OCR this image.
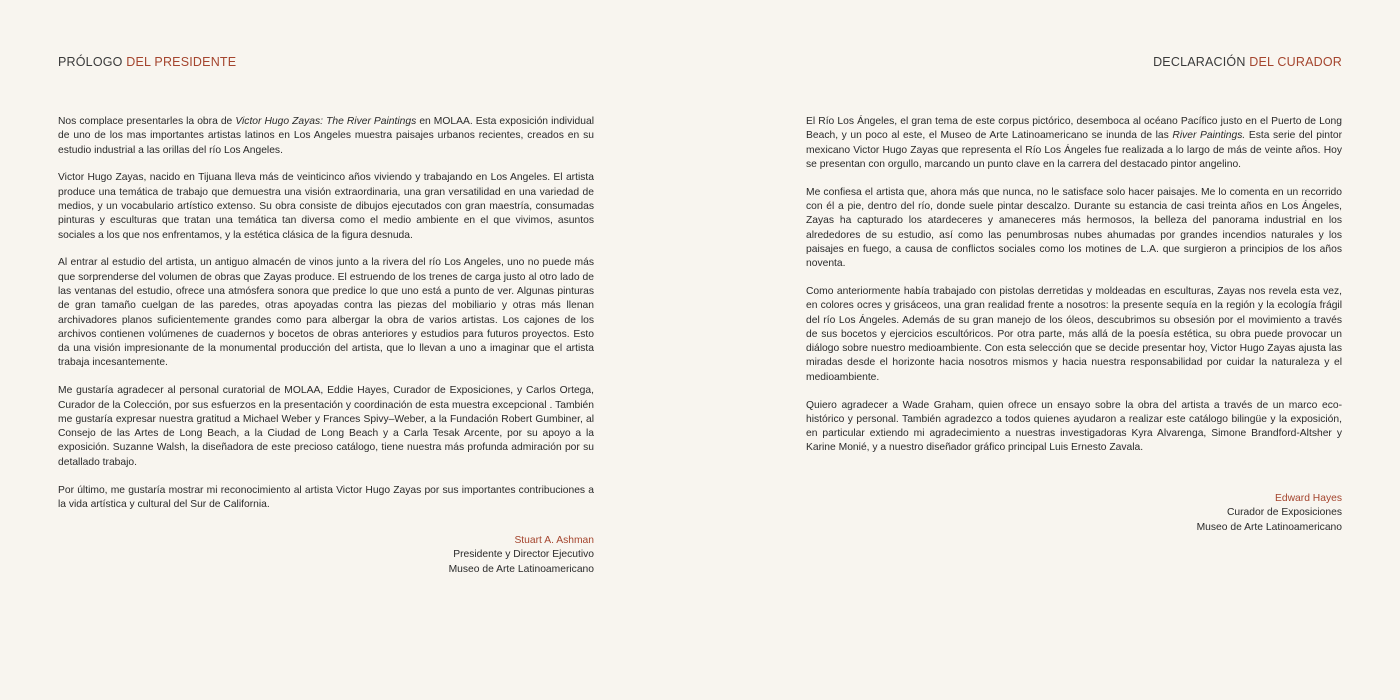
PRÓLOGO DEL PRESIDENTE

Nos complace presentarles la obra de Victor Hugo Zayas: The River Paintings en MOLAA. Esta exposición individual de uno de los mas importantes artistas latinos en Los Angeles muestra paisajes urbanos recientes, creados en su estudio industrial a las orillas del río Los Angeles.

Victor Hugo Zayas, nacido en Tijuana lleva más de veinticinco años viviendo y trabajando en Los Angeles. El artista produce una temática de trabajo que demuestra una visión extraordinaria, una gran versatilidad en una variedad de medios, y un vocabulario artístico extenso. Su obra consiste de dibujos ejecutados con gran maestría, consumadas pinturas y esculturas que tratan una temática tan diversa como el medio ambiente en el que vivimos, asuntos sociales a los que nos enfrentamos, y la estética clásica de la figura desnuda.

Al entrar al estudio del artista, un antiguo almacén de vinos junto a la rivera del río Los Angeles, uno no puede más que sorprenderse del volumen de obras que Zayas produce. El estruendo de los trenes de carga justo al otro lado de las ventanas del estudio, ofrece una atmósfera sonora que predice lo que uno está a punto de ver. Algunas pinturas de gran tamaño cuelgan de las paredes, otras apoyadas contra las piezas del mobiliario y otras más llenan archivadores planos suficientemente grandes como para albergar la obra de varios artistas. Los cajones de los archivos contienen volúmenes de cuadernos y bocetos de obras anteriores y estudios para futuros proyectos. Esto da una visión impresionante de la monumental producción del artista, que lo llevan a uno a imaginar que el artista trabaja incesantemente.

Me gustaría agradecer al personal curatorial de MOLAA, Eddie Hayes, Curador de Exposiciones, y Carlos Ortega, Curador de la Colección, por sus esfuerzos en la presentación y coordinación de esta muestra excepcional . También me gustaría expresar nuestra gratitud a Michael Weber y Frances Spivy–Weber, a la Fundación Robert Gumbiner, al Consejo de las Artes de Long Beach, a la Ciudad de Long Beach y a Carla Tesak Arcente, por su apoyo a la exposición. Suzanne Walsh, la diseñadora de este precioso catálogo, tiene nuestra más profunda admiración por su detallado trabajo.

Por último, me gustaría mostrar mi reconocimiento al artista Victor Hugo Zayas por sus importantes contribuciones a la vida artística y cultural del Sur de California.

Stuart A. Ashman
Presidente y Director Ejecutivo
Museo de Arte Latinoamericano
DECLARACIÓN DEL CURADOR

El Río Los Ángeles, el gran tema de este corpus pictórico, desemboca al océano Pacífico justo en el Puerto de Long Beach, y un poco al este, el Museo de Arte Latinoamericano se inunda de las River Paintings. Esta serie del pintor mexicano Victor Hugo Zayas que representa el Río Los Ángeles fue realizada a lo largo de más de veinte años. Hoy se presentan con orgullo, marcando un punto clave en la carrera del destacado pintor angelino.

Me confiesa el artista que, ahora más que nunca, no le satisface solo hacer paisajes. Me lo comenta en un recorrido con él a pie, dentro del río, donde suele pintar descalzo. Durante su estancia de casi treinta años en Los Ángeles, Zayas ha capturado los atardeceres y amaneceres más hermosos, la belleza del panorama industrial en los alrededores de su estudio, así como las penumbrosas nubes ahumadas por grandes incendios naturales y los paisajes en fuego, a causa de conflictos sociales como los motines de L.A. que surgieron a principios de los años noventa.

Como anteriormente había trabajado con pistolas derretidas y moldeadas en esculturas, Zayas nos revela esta vez, en colores ocres y grisáceos, una gran realidad frente a nosotros: la presente sequía en la región y la ecología frágil del río Los Ángeles. Además de su gran manejo de los óleos, descubrimos su obsesión por el movimiento a través de sus bocetos y ejercicios escultóricos. Por otra parte, más allá de la poesía estética, su obra puede provocar un diálogo sobre nuestro medioambiente. Con esta selección que se decide presentar hoy, Victor Hugo Zayas ajusta las miradas desde el horizonte hacia nosotros mismos y hacia nuestra responsabilidad por cuidar la naturaleza y el medioambiente.

Quiero agradecer a Wade Graham, quien ofrece un ensayo sobre la obra del artista a través de un marco eco-histórico y personal. También agradezco a todos quienes ayudaron a realizar este catálogo bilingüe y la exposición, en particular extiendo mi agradecimiento a nuestras investigadoras Kyra Alvarenga, Simone Brandford-Altsher y Karine Monié, y a nuestro diseñador gráfico principal Luis Ernesto Zavala.

Edward Hayes
Curador de Exposiciones
Museo de Arte Latinoamericano
